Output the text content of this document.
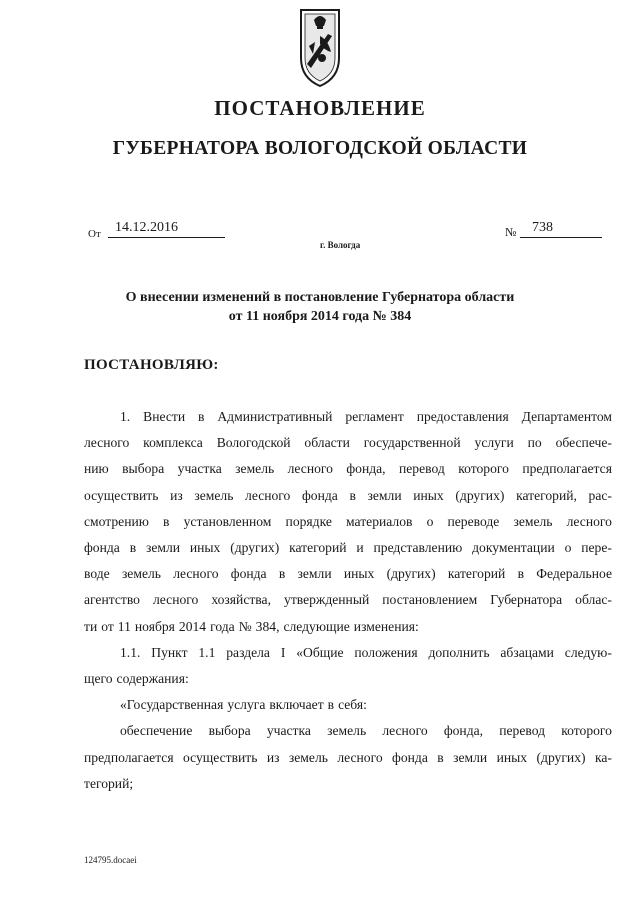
ПОСТАНОВЛЕНИЕ
ГУБЕРНАТОРА ВОЛОГОДСКОЙ ОБЛАСТИ
От	14.12.2016	№	738
г. Вологда
О внесении изменений в постановление Губернатора области
от 11 ноября 2014 года № 384
ПОСТАНОВЛЯЮ:
1. Внести в Административный регламент предоставления Департаментом
лесного комплекса Вологодской области государственной услуги по обеспече-
нию выбора участка земель лесного фонда, перевод которого предполагается
осуществить из земель лесного фонда в земли иных (других) категорий, рас-
смотрению в установленном порядке материалов о переводе земель лесного
фонда в земли иных (других) категорий и представлению документации о пере-
воде земель лесного фонда в земли иных (других) категорий в Федеральное
агентство лесного хозяйства, утвержденный постановлением Губернатора облас-
ти от 11 ноября 2014 года № 384, следующие изменения:
1.1. Пункт 1.1 раздела I «Общие положения дополнить абзацами следую-
щего содержания:
«Государственная услуга включает в себя:
обеспечение выбора участка земель лесного фонда, перевод которого
предполагается осуществить из земель лесного фонда в земли иных (других) ка-
тегорий;
124795.docaei
